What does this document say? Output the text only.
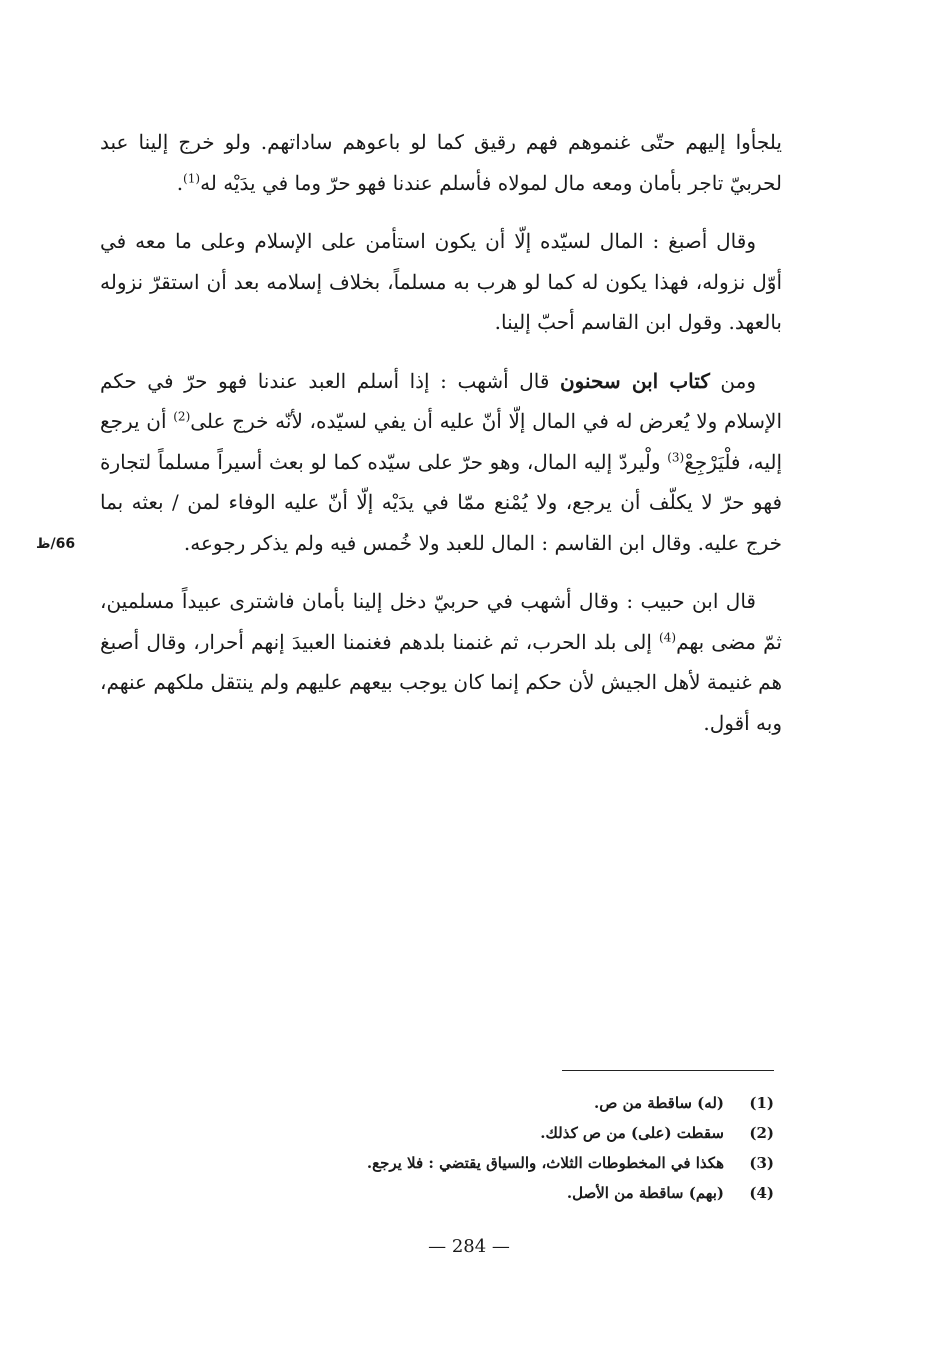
يلجأوا إليهم حتّى غنموهم فهم رقيق كما لو باعوهم ساداتهم. ولو خرج إلينا عبد لحربيّ تاجر بأمان ومعه مال لمولاه فأسلم عندنا فهو حرّ وما في يدَيْه له$^{(1)}$.

وقال أصبغ : المال لسيّده إلّا أن يكون استأمن على الإسلام وعلى ما معه في أوّل نزوله، فهذا يكون له كما لو هرب به مسلماً، بخلاف إسلامه بعد أن استقرّ نزوله بالعهد. وقول ابن القاسم أحبّ إلينا.

ومن كتاب ابن سحنون قال أشهب : إذا أسلم العبد عندنا فهو حرّ في حكم الإسلام ولا يُعرض له في المال إلّا أنّ عليه أن يفي لسيّده، لأنّه خرج على$^{(2)}$ أن يرجع إليه، فلْيَرْجِعْ$^{(3)}$ ولْيردّ إليه المال، وهو حرّ على سيّده كما لو بعث أسيراً مسلماً لتجارة فهو حرّ لا يكلّف أن يرجع، ولا يُمْنع ممّا في يدَيْه إلّا أنّ عليه الوفاء لمن / بعثه بما خرج عليه. وقال ابن القاسم : المال للعبد ولا خُمس فيه ولم يذكر رجوعه.

قال ابن حبيب : وقال أشهب في حربيّ دخل إلينا بأمان فاشترى عبيداً مسلمين، ثمّ مضى بهم$^{(4)}$ إلى بلد الحرب، ثم غنمنا بلدهم فغنمنا العبيدَ إنهم أحرار، وقال أصبغ هم غنيمة لأهل الجيش لأن حكم إنما كان يوجب بيعهم عليهم ولم ينتقل ملكهم عنهم، وبه أقول.

66/ظ
(1)
(له) ساقطة من ص.
(2)
سقطت (على) من ص كذلك.
(3)
هكذا في المخطوطات الثلاث، والسياق يقتضي : فلا يرجع.
(4)
(بهم) ساقطة من الأصل.
— 284 —
